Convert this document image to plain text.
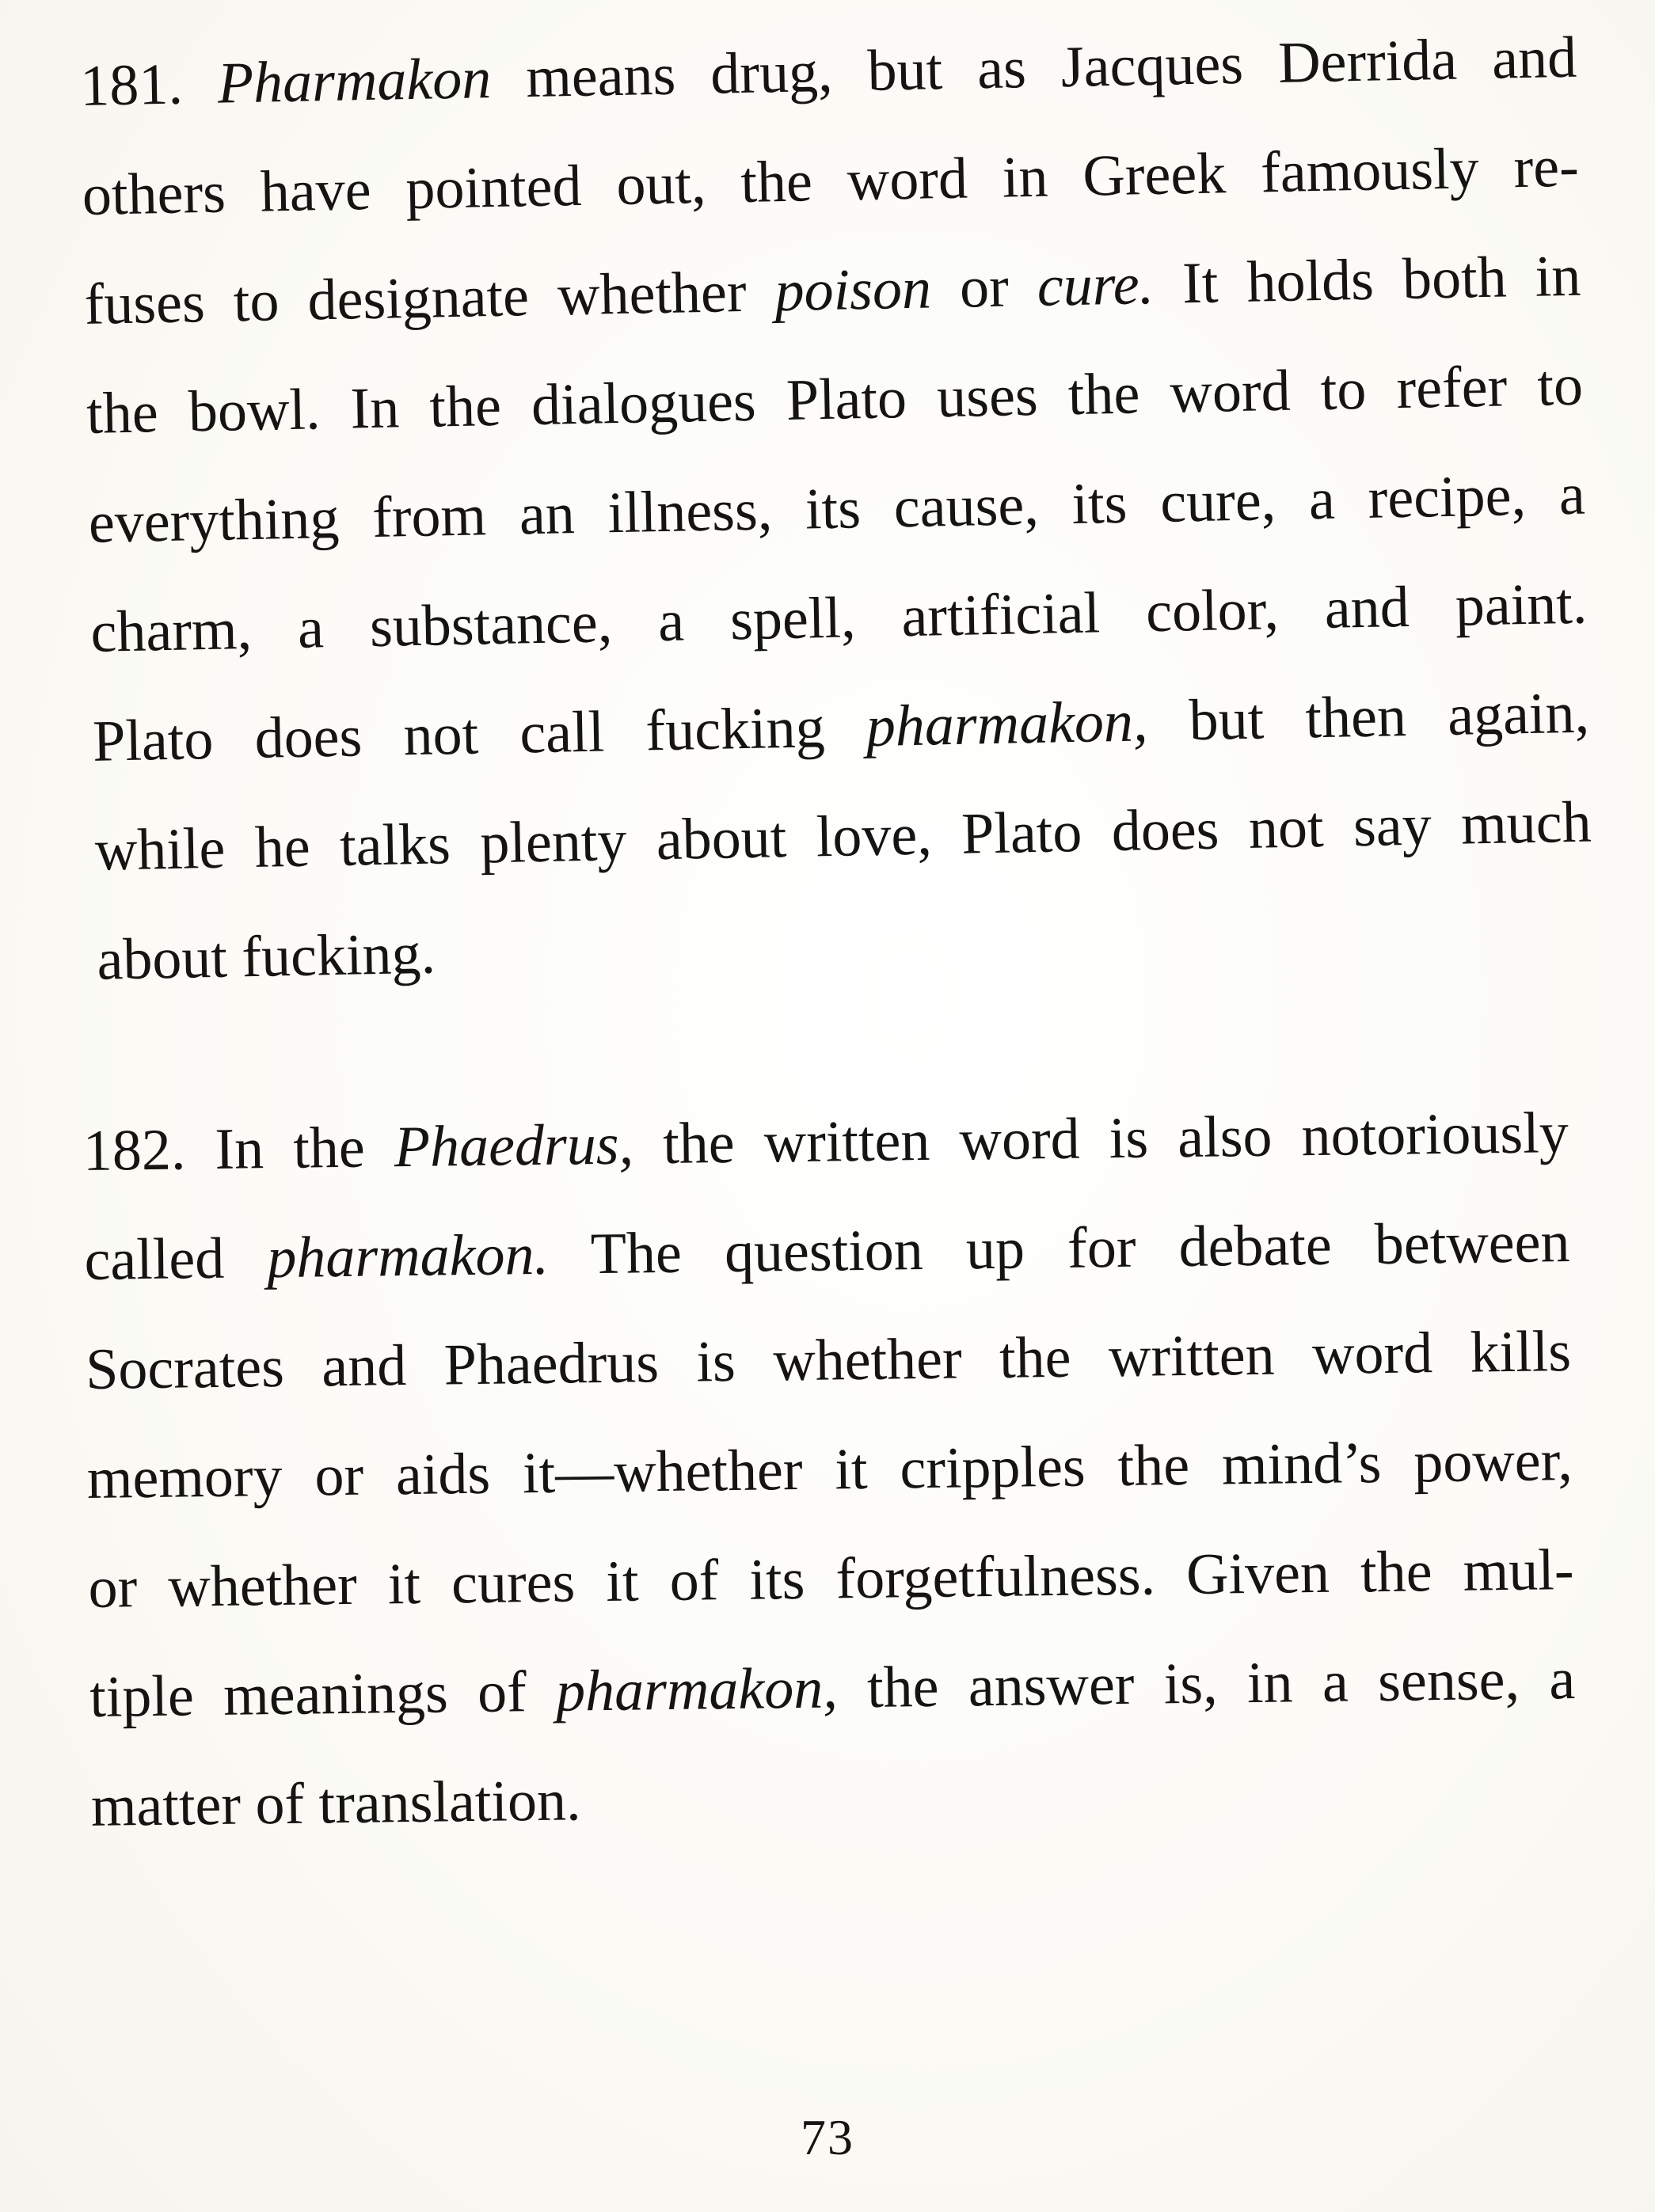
181. Pharmakon means drug, but as Jacques Derrida and
others have pointed out, the word in Greek famously re-
fuses to designate whether poison or cure. It holds both in
the bowl. In the dialogues Plato uses the word to refer to
everything from an illness, its cause, its cure, a recipe, a
charm, a substance, a spell, artificial color, and paint.
Plato does not call fucking pharmakon, but then again,
while he talks plenty about love, Plato does not say much
about fucking.
182. In the Phaedrus, the written word is also notoriously
called pharmakon. The question up for debate between
Socrates and Phaedrus is whether the written word kills
memory or aids it—whether it cripples the mind’s power,
or whether it cures it of its forgetfulness. Given the mul-
tiple meanings of pharmakon, the answer is, in a sense, a
matter of translation.
73
